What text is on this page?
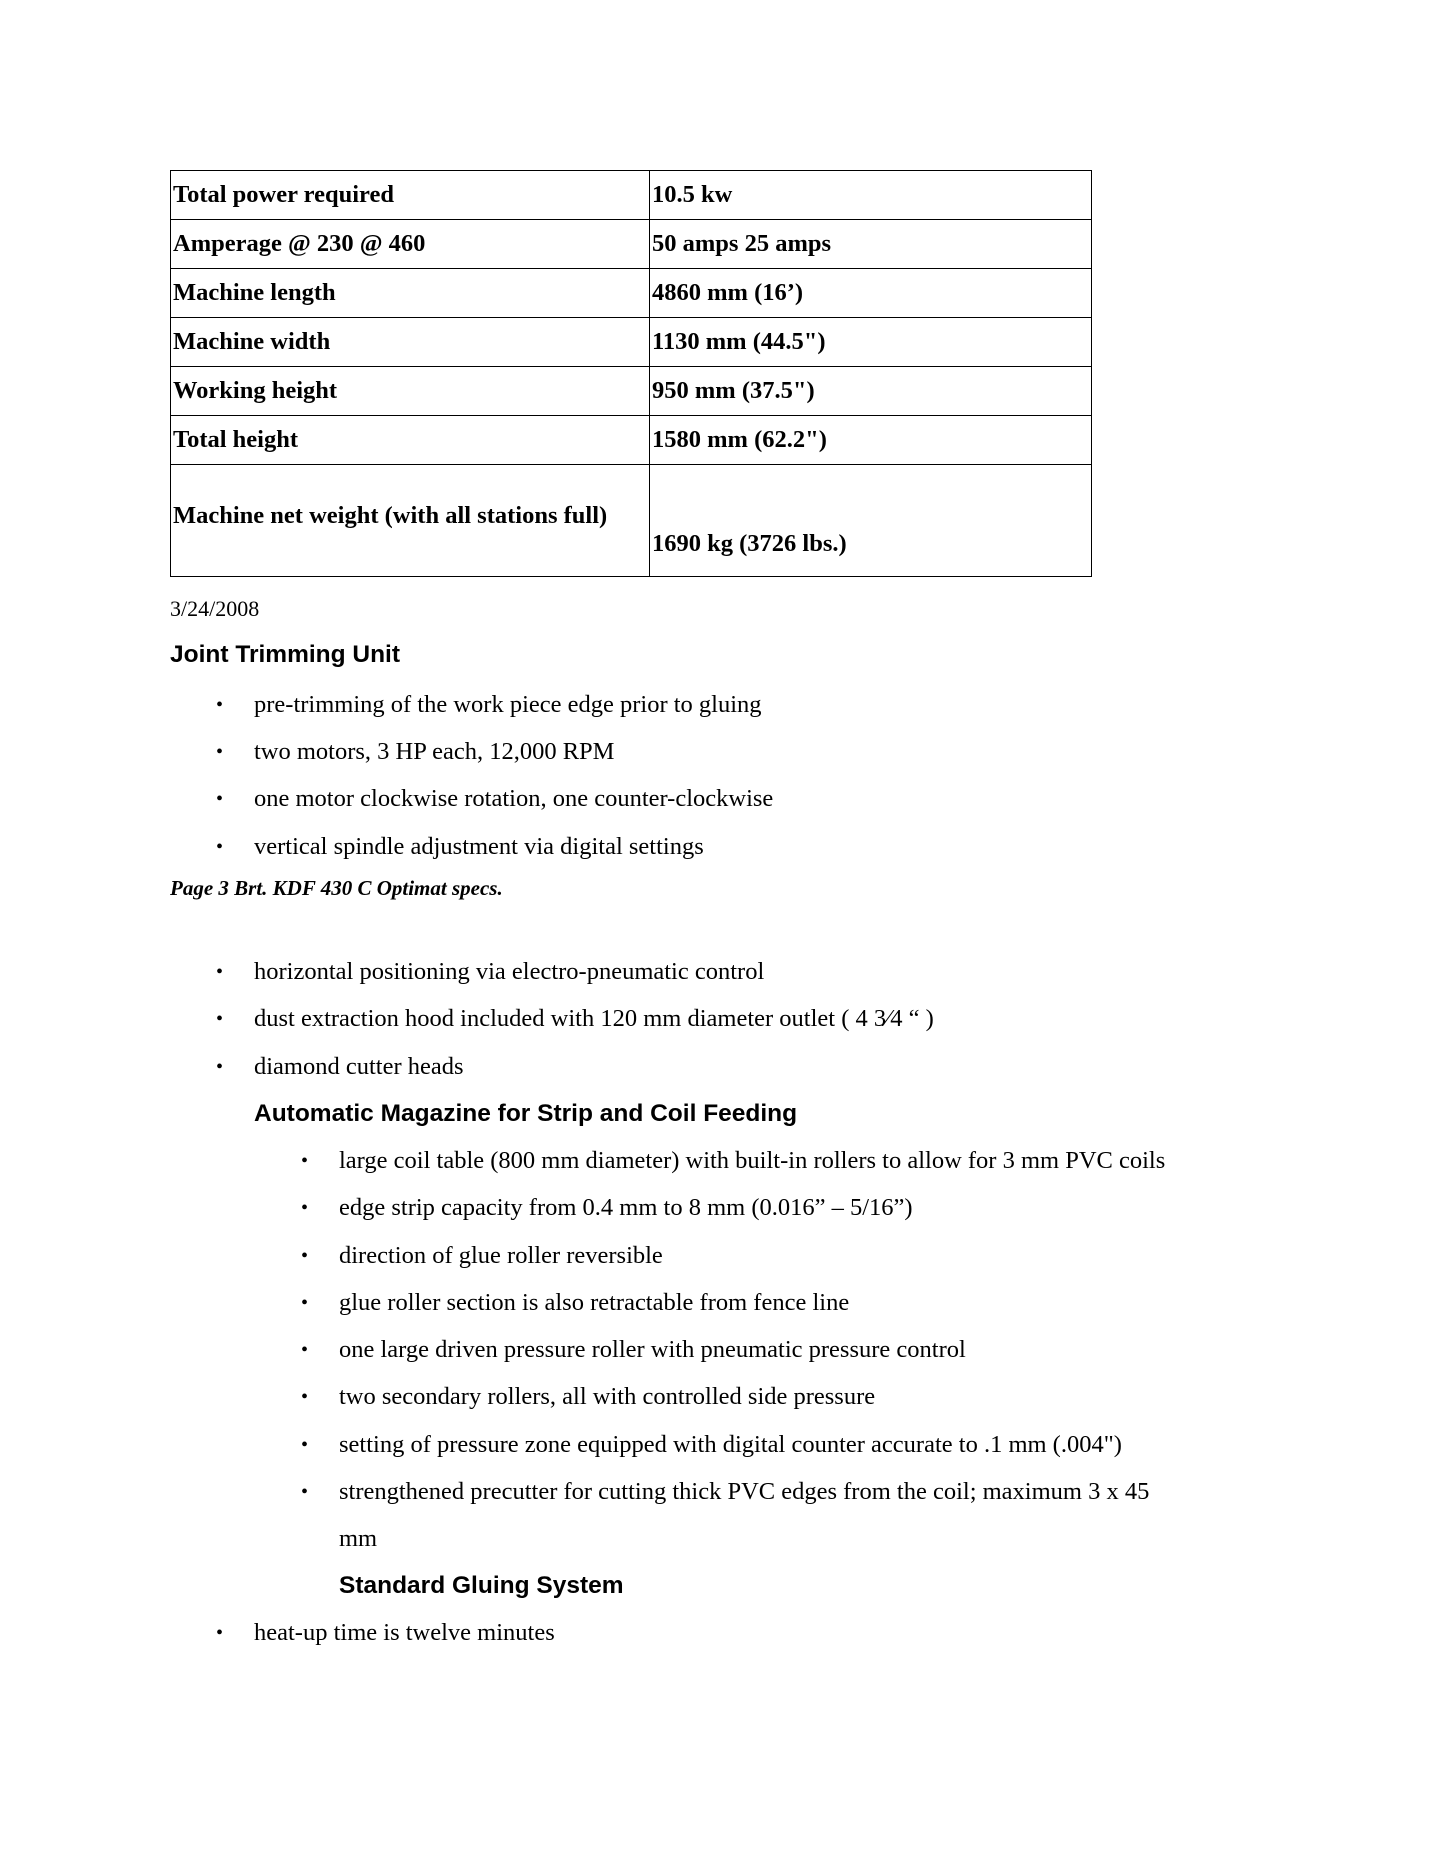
Total power required	10.5 kw
Amperage @ 230 @ 460	50 amps 25 amps
Machine length	4860 mm (16’)
Machine width	1130 mm (44.5")
Working height	950 mm (37.5")
Total height	1580 mm (62.2")
Machine net weight (with all stations full)	1690 kg (3726 lbs.)
3/24/2008
Joint Trimming Unit
• pre-trimming of the work piece edge prior to gluing
• two motors, 3 HP each, 12,000 RPM
• one motor clockwise rotation, one counter-clockwise
• vertical spindle adjustment via digital settings
Page 3 Brt. KDF 430 C Optimat specs.
• horizontal positioning via electro-pneumatic control
• dust extraction hood included with 120 mm diameter outlet ( 4 3⁄4 “ )
• diamond cutter heads
Automatic Magazine for Strip and Coil Feeding
• large coil table (800 mm diameter) with built-in rollers to allow for 3 mm PVC coils
• edge strip capacity from 0.4 mm to 8 mm (0.016” – 5/16”)
• direction of glue roller reversible
• glue roller section is also retractable from fence line
• one large driven pressure roller with pneumatic pressure control
• two secondary rollers, all with controlled side pressure
• setting of pressure zone equipped with digital counter accurate to .1 mm (.004")
• strengthened precutter for cutting thick PVC edges from the coil; maximum 3 x 45
mm
Standard Gluing System
• heat-up time is twelve minutes
